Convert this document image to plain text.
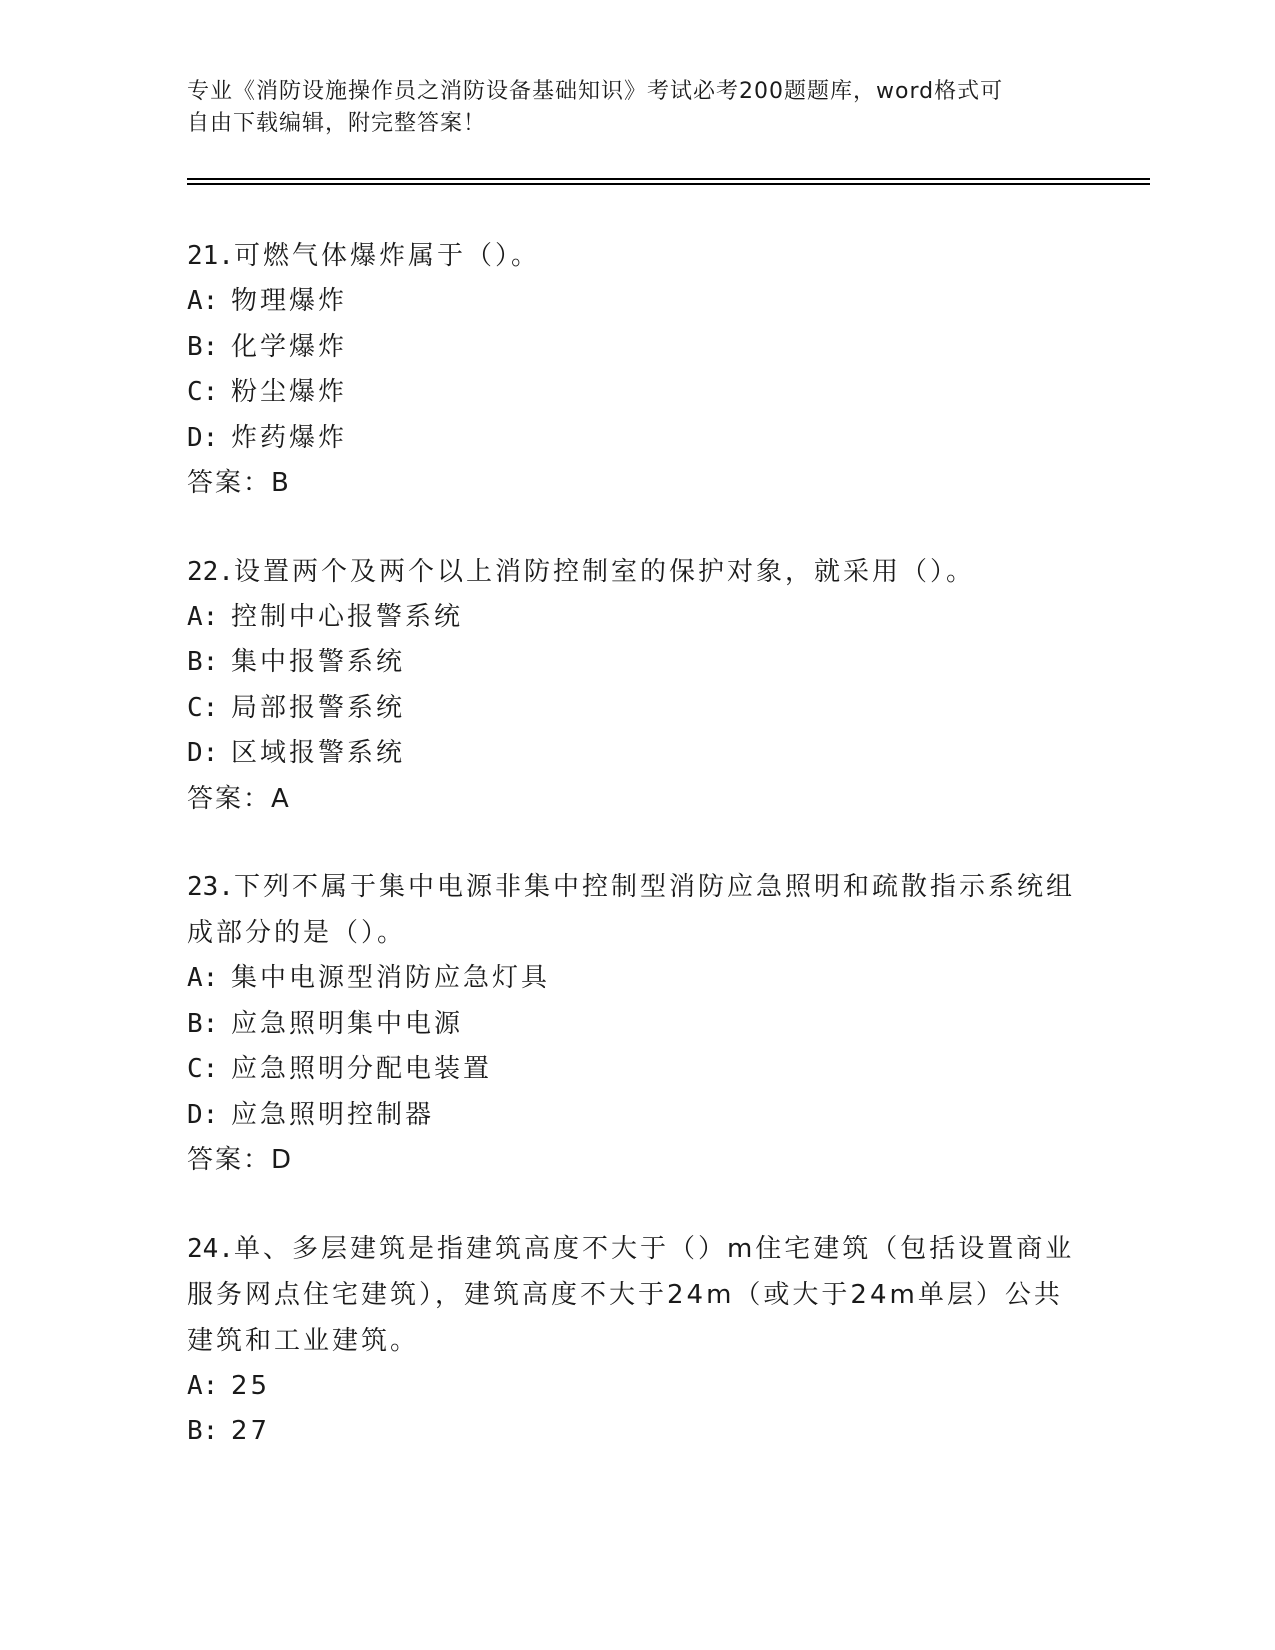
专业《消防设施操作员之消防设备基础知识》考试必考200题题库，word格式可
自由下载编辑，附完整答案！
21.可燃气体爆炸属于（）。
A: 物理爆炸
B: 化学爆炸
C: 粉尘爆炸
D: 炸药爆炸
答案：B
22.设置两个及两个以上消防控制室的保护对象，就采用（）。
A: 控制中心报警系统
B: 集中报警系统
C: 局部报警系统
D: 区域报警系统
答案：A
23.下列不属于集中电源非集中控制型消防应急照明和疏散指示系统组成部分的是（）。
A: 集中电源型消防应急灯具
B: 应急照明集中电源
C: 应急照明分配电装置
D: 应急照明控制器
答案：D
24.单、多层建筑是指建筑高度不大于（）m住宅建筑（包括设置商业服务网点住宅建筑），建筑高度不大于24m（或大于24m单层）公共建筑和工业建筑。
A: 25
B: 27
